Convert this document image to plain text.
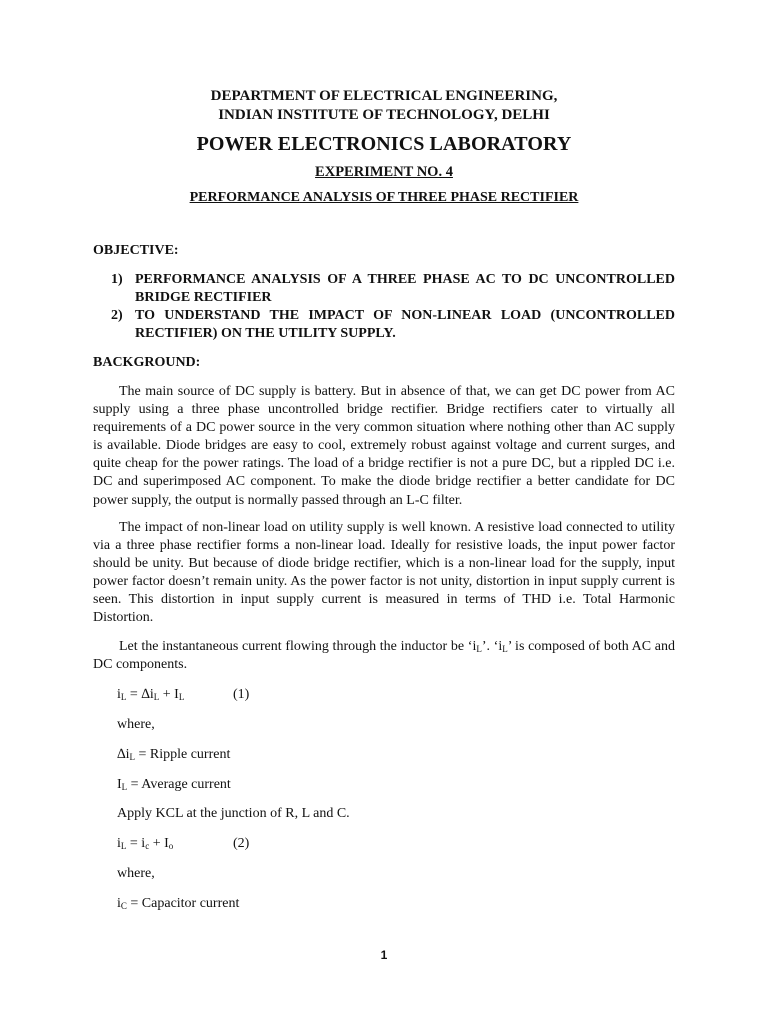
DEPARTMENT OF ELECTRICAL ENGINEERING,
INDIAN INSTITUTE OF TECHNOLOGY, DELHI
POWER ELECTRONICS LABORATORY
EXPERIMENT NO. 4
PERFORMANCE ANALYSIS OF THREE PHASE RECTIFIER
OBJECTIVE:
1) PERFORMANCE ANALYSIS OF A THREE PHASE AC TO DC UNCONTROLLED BRIDGE RECTIFIER
2) TO UNDERSTAND THE IMPACT OF NON-LINEAR LOAD (UNCONTROLLED RECTIFIER) ON THE UTILITY SUPPLY.
BACKGROUND:
The main source of DC supply is battery. But in absence of that, we can get DC power from AC supply using a three phase uncontrolled bridge rectifier. Bridge rectifiers cater to virtually all requirements of a DC power source in the very common situation where nothing other than AC supply is available. Diode bridges are easy to cool, extremely robust against voltage and current surges, and quite cheap for the power ratings. The load of a bridge rectifier is not a pure DC, but a rippled DC i.e. DC and superimposed AC component. To make the diode bridge rectifier a better candidate for DC power supply, the output is normally passed through an L-C filter.
The impact of non-linear load on utility supply is well known. A resistive load connected to utility via a three phase rectifier forms a non-linear load. Ideally for resistive loads, the input power factor should be unity. But because of diode bridge rectifier, which is a non-linear load for the supply, input power factor doesn’t remain unity. As the power factor is not unity, distortion in input supply current is seen. This distortion in input supply current is measured in terms of THD i.e. Total Harmonic Distortion.
Let the instantaneous current flowing through the inductor be ‘$i_L$’. ‘$i_L$’ is composed of both AC and DC components.
$i_L = \Delta i_L + I_L$	(1)
where,
$\Delta i_L$ = Ripple current
$I_L$ = Average current
Apply KCL at the junction of R, L and C.
$i_L = i_c + I_o$	(2)
where,
$i_C$ = Capacitor current
1
